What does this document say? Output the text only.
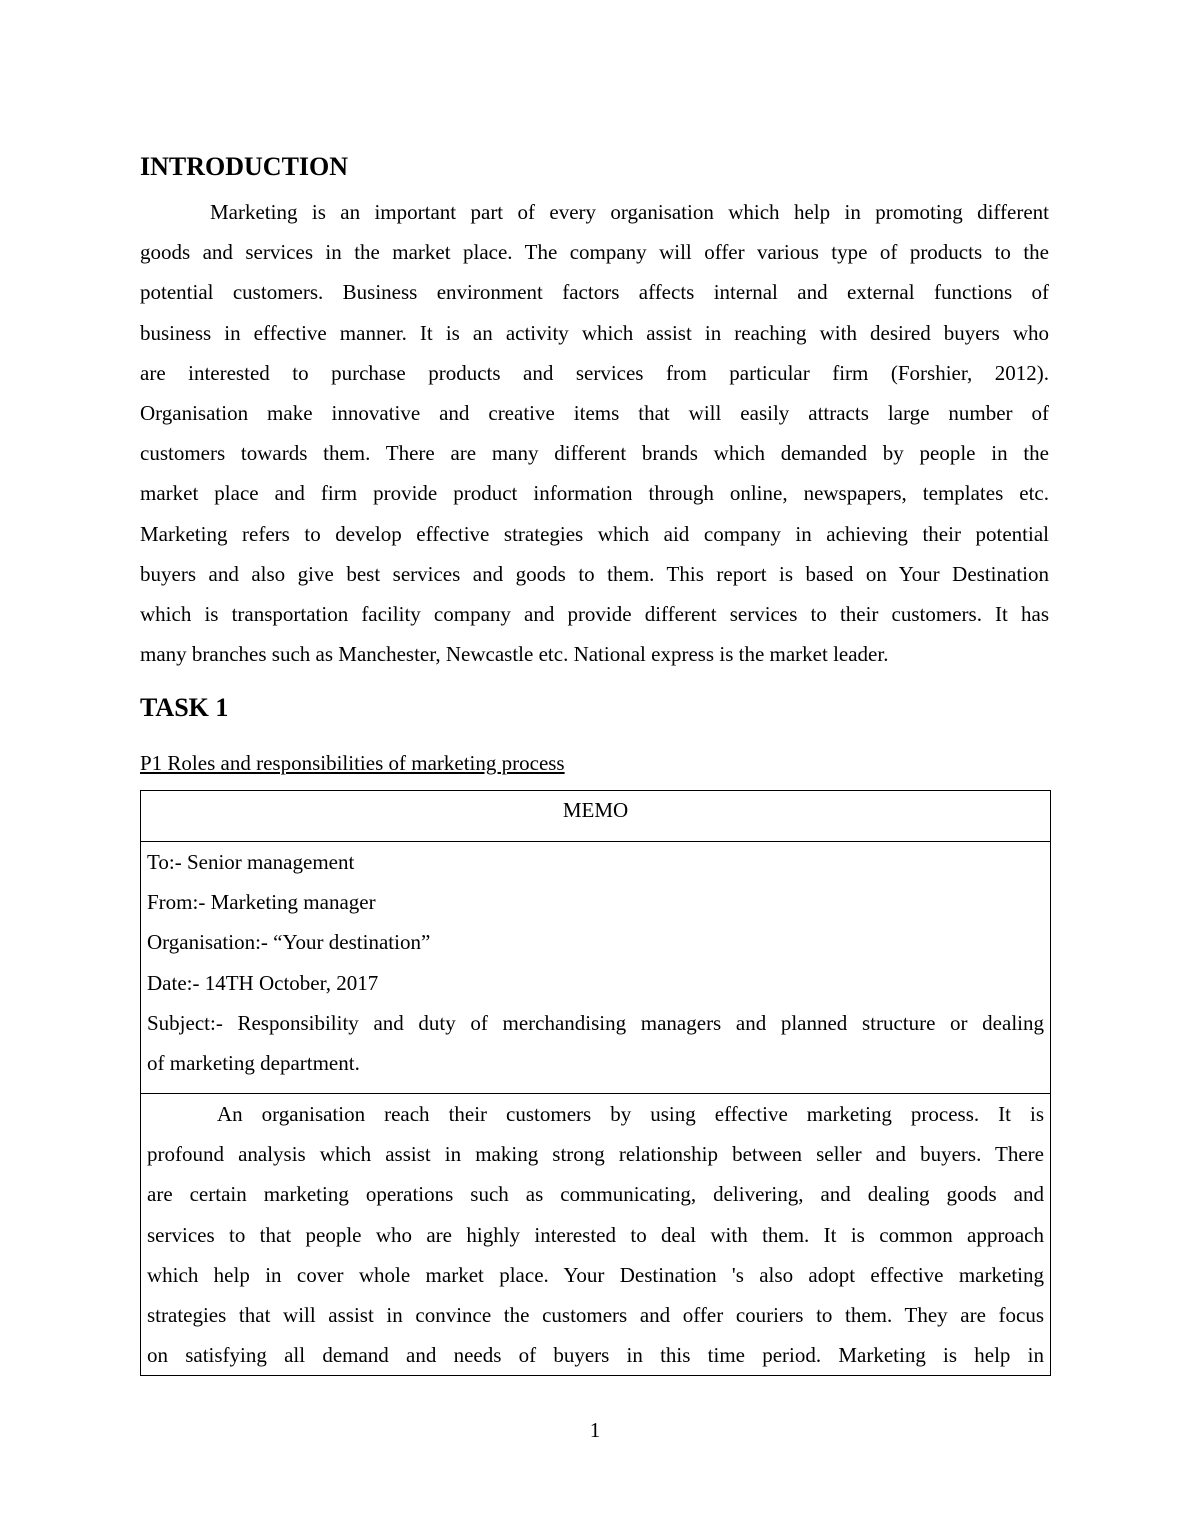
INTRODUCTION
Marketing is an important part of every organisation which help in promoting different
goods and services in the market place. The company will offer various type of products to the
potential customers. Business environment factors affects internal and external functions of
business in effective manner. It is an activity which assist in reaching with desired buyers who
are interested to purchase products and services from particular firm (Forshier, 2012).
Organisation make innovative and creative items that will easily attracts large number of
customers towards them. There are many different brands which demanded by people in the
market place and firm provide product information through online, newspapers, templates etc.
Marketing refers to develop effective strategies which aid company in achieving their potential
buyers and also give best services and goods to them. This report is based on Your Destination
which is transportation facility company and provide different services to their customers. It has
many branches such as Manchester, Newcastle etc. National express is the market leader.
TASK 1
P1 Roles and responsibilities of marketing process
MEMO

To:- Senior management
From:- Marketing manager
Organisation:- “Your destination”
Date:- 14TH October, 2017
Subject:- Responsibility and duty of merchandising managers and planned structure or dealing
of marketing department.

An organisation reach their customers by using effective marketing process. It is
profound analysis which assist in making strong relationship between seller and buyers. There
are certain marketing operations such as communicating, delivering, and dealing goods and
services to that people who are highly interested to deal with them. It is common approach
which help in cover whole market place. Your Destination 's also adopt effective marketing
strategies that will assist in convince the customers and offer couriers to them. They are focus
on satisfying all demand and needs of buyers in this time period. Marketing is help in
1
